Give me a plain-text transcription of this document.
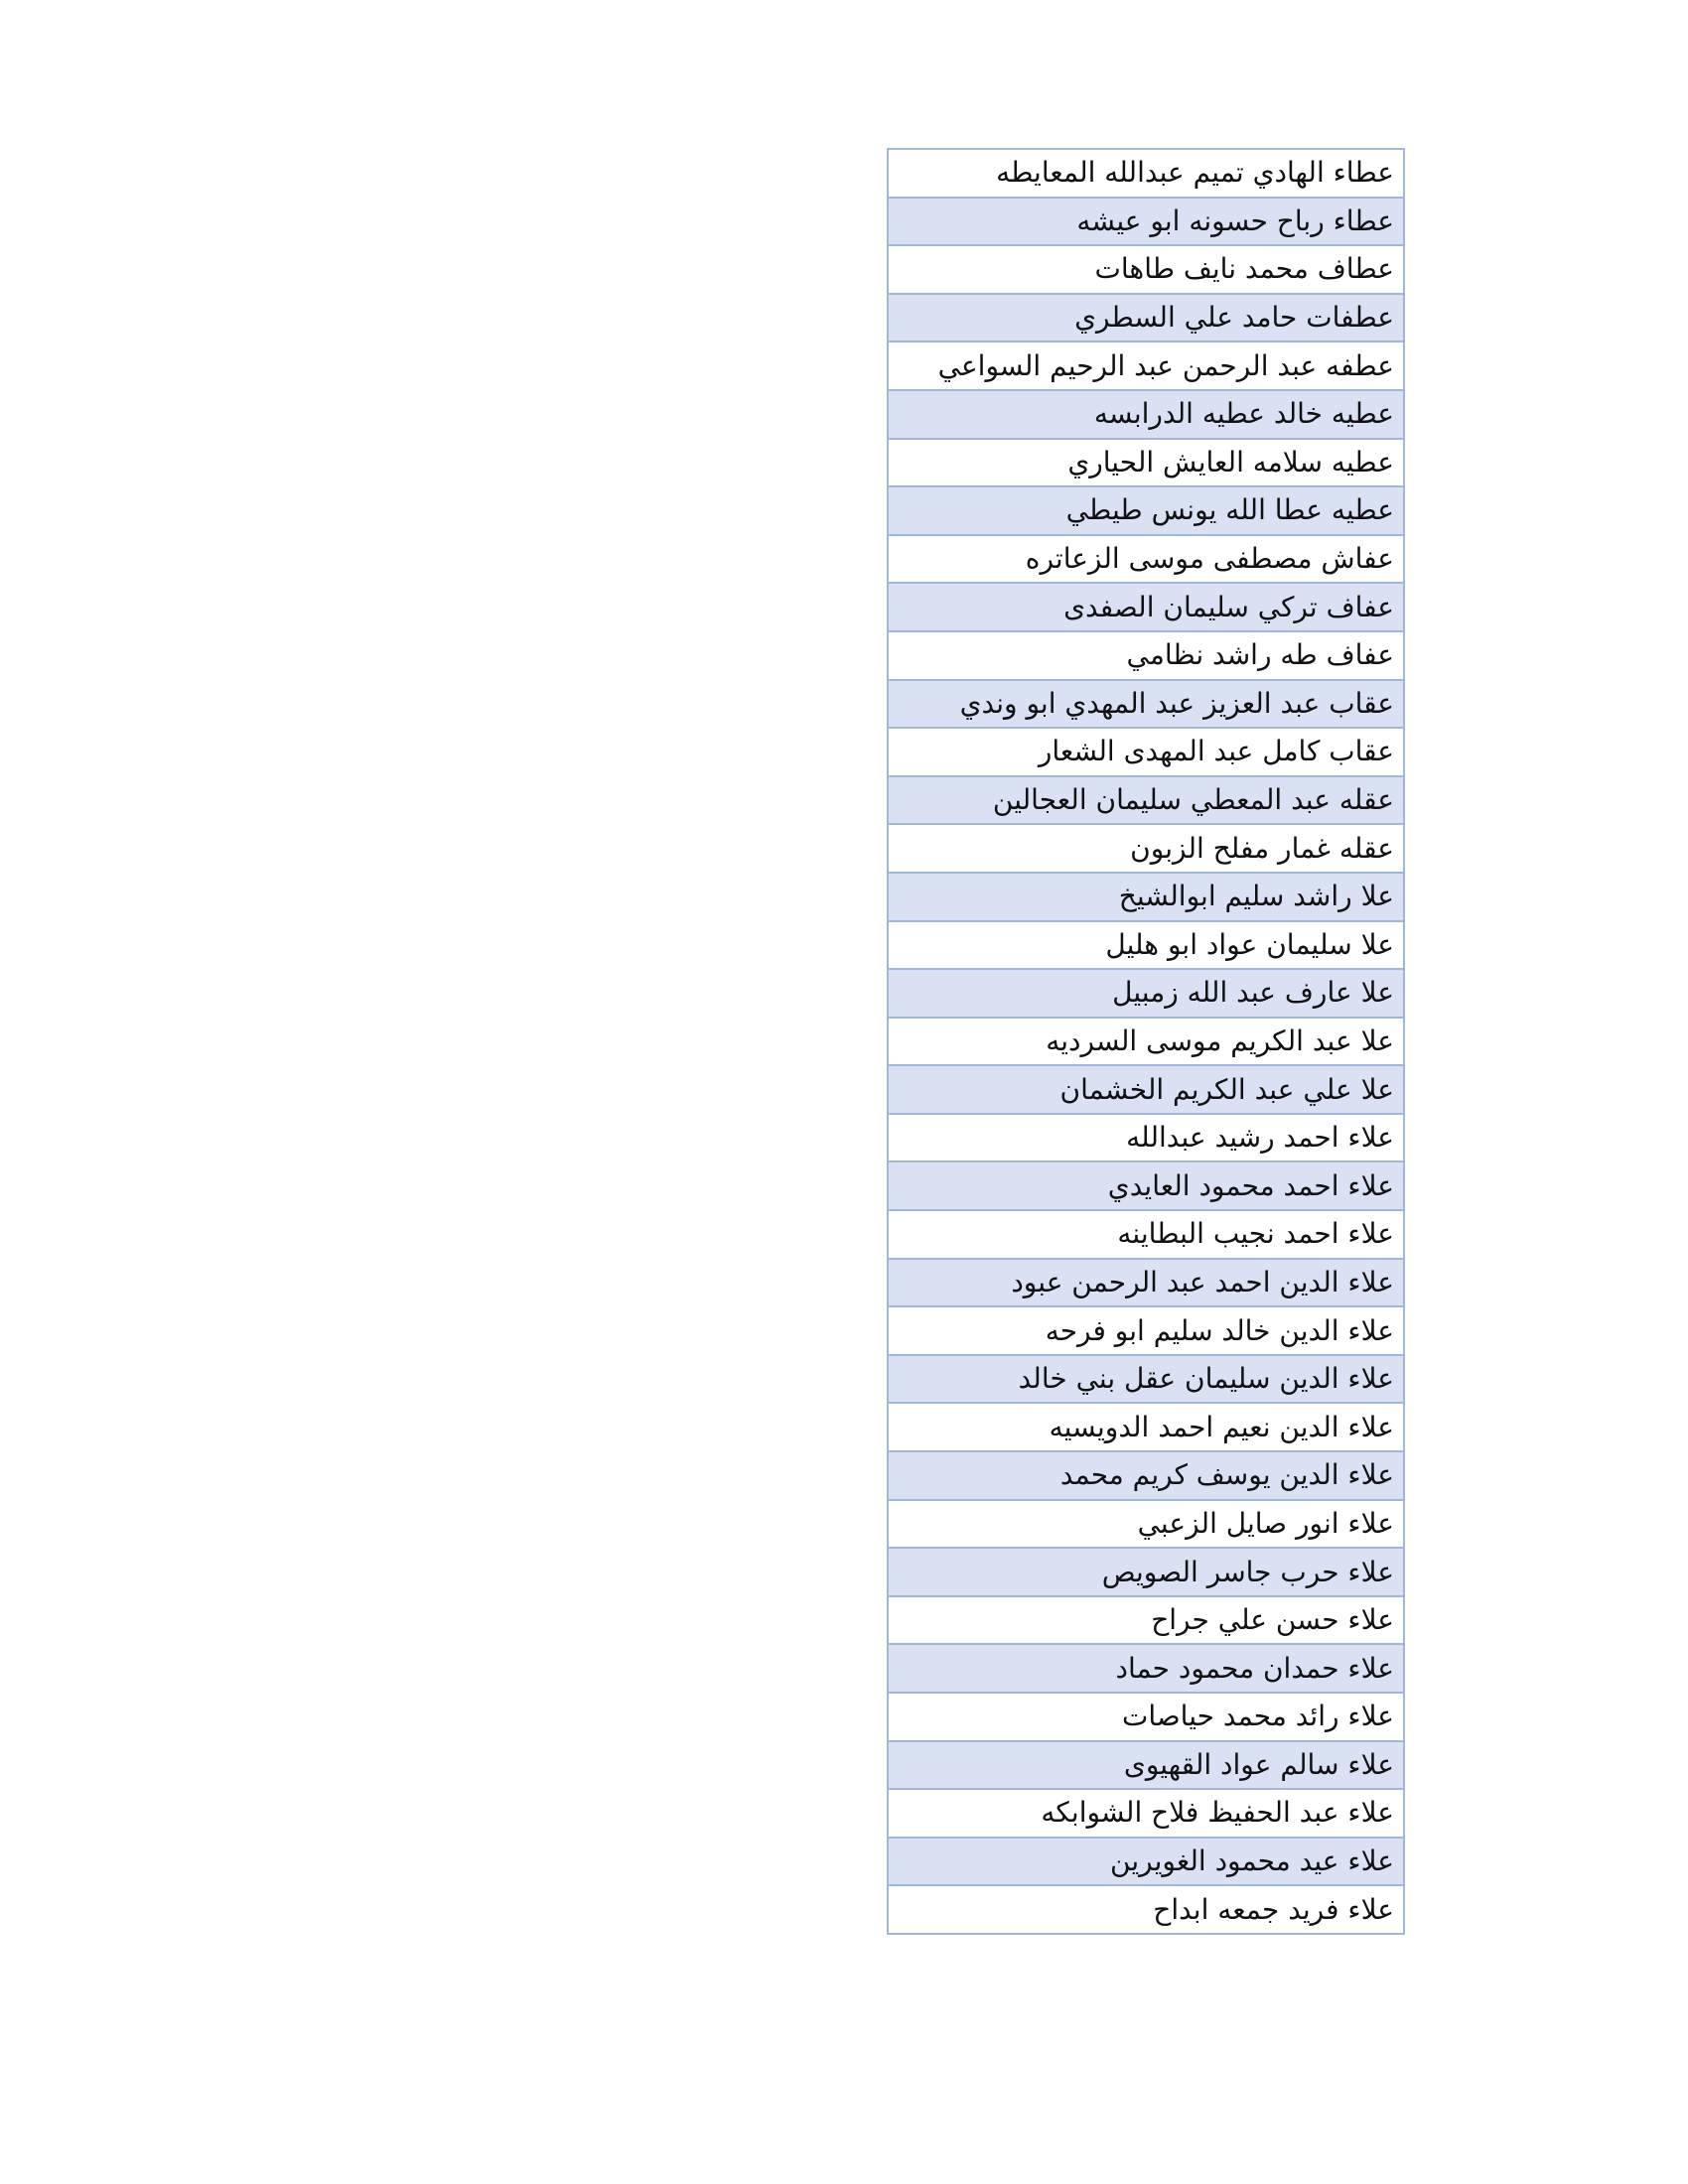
عطاء الهادي تميم عبدالله المعايطه
عطاء رباح حسونه ابو عيشه
عطاف محمد نايف طاهات
عطفات حامد علي السطري
عطفه عبد الرحمن عبد الرحيم السواعي
عطيه خالد عطيه الدرابسه
عطيه سلامه العايش الحياري
عطيه عطا الله يونس طيطي
عفاش مصطفى موسى الزعاتره
عفاف تركي سليمان الصفدى
عفاف طه راشد نظامي
عقاب عبد العزيز عبد المهدي ابو وندي
عقاب كامل عبد المهدى الشعار
عقله عبد المعطي سليمان العجالين
عقله غمار مفلح الزبون
علا راشد سليم ابوالشيخ
علا سليمان عواد ابو هليل
علا عارف عبد الله زمبيل
علا عبد الكريم موسى السرديه
علا علي عبد الكريم الخشمان
علاء احمد رشيد عبدالله
علاء احمد محمود العايدي
علاء احمد نجيب البطاينه
علاء الدين احمد عبد الرحمن عبود
علاء الدين خالد سليم ابو فرحه
علاء الدين سليمان عقل بني خالد
علاء الدين نعيم احمد الدويسيه
علاء الدين يوسف كريم محمد
علاء انور صايل الزعبي
علاء حرب جاسر الصويص
علاء حسن علي جراح
علاء حمدان محمود حماد
علاء رائد محمد حياصات
علاء سالم عواد القهيوى
علاء عبد الحفيظ فلاح الشوابكه
علاء عيد محمود الغويرين
علاء فريد جمعه ابداح
